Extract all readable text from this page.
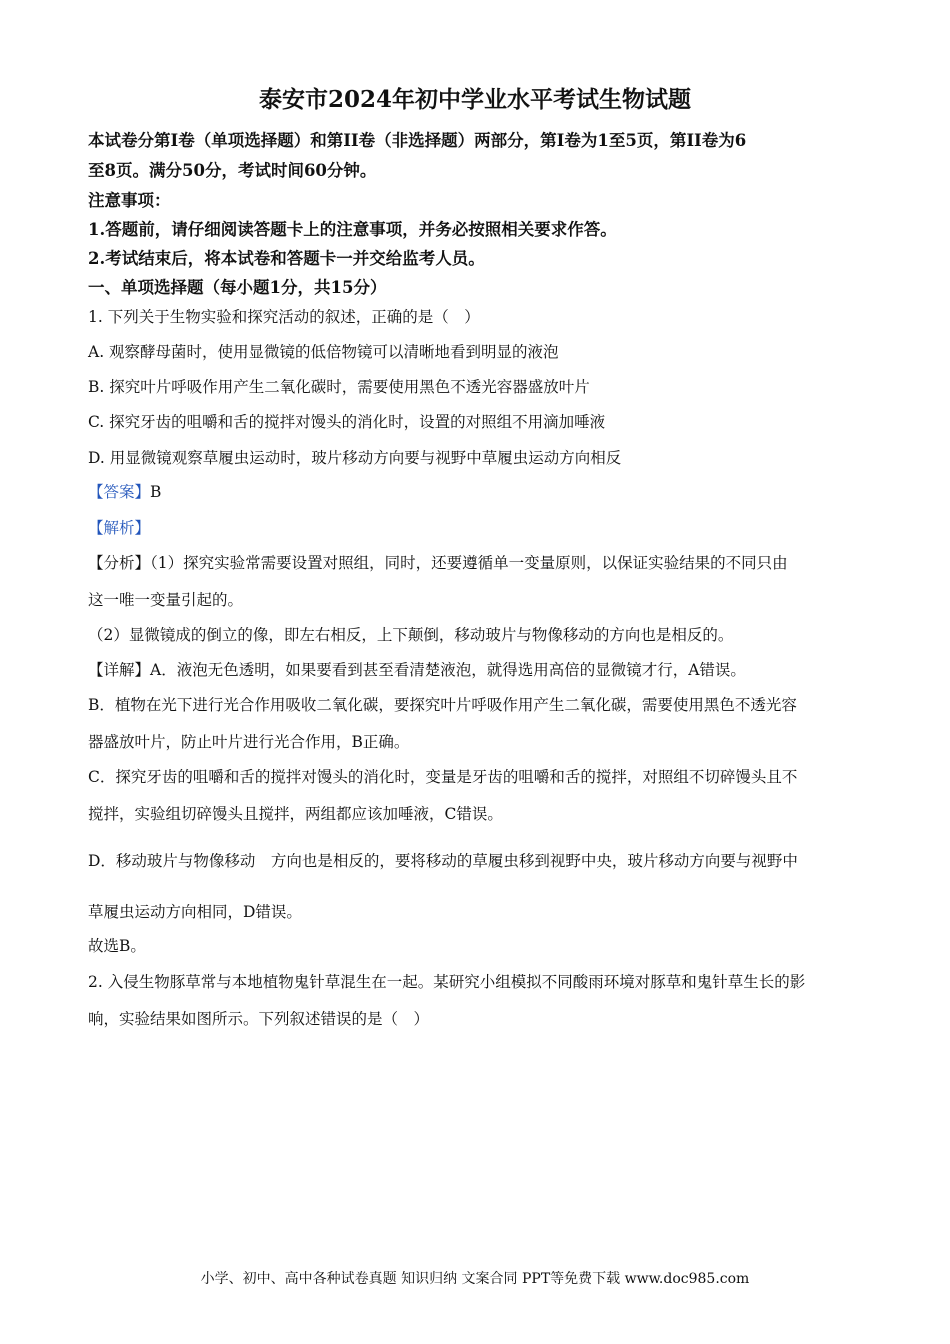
泰安市2024年初中学业水平考试生物试题
本试卷分第I卷（单项选择题）和第II卷（非选择题）两部分，第I卷为1至5页，第II卷为6
至8页。满分50分，考试时间60分钟。
注意事项：
1.答题前，请仔细阅读答题卡上的注意事项，并务必按照相关要求作答。
2.考试结束后，将本试卷和答题卡一并交给监考人员。
一、单项选择题（每小题1分，共15分）
1. 下列关于生物实验和探究活动的叙述，正确的是（　）
A. 观察酵母菌时，使用显微镜的低倍物镜可以清晰地看到明显的液泡
B. 探究叶片呼吸作用产生二氧化碳时，需要使用黑色不透光容器盛放叶片
C. 探究牙齿的咀嚼和舌的搅拌对馒头的消化时，设置的对照组不用滴加唾液
D. 用显微镜观察草履虫运动时，玻片移动方向要与视野中草履虫运动方向相反
【答案】B
【解析】
【分析】（1）探究实验常需要设置对照组，同时，还要遵循单一变量原则，以保证实验结果的不同只由
这一唯一变量引起的。
（2）显微镜成的倒立的像，即左右相反，上下颠倒，移动玻片与物像移动的方向也是相反的。
【详解】A．液泡无色透明，如果要看到甚至看清楚液泡，就得选用高倍的显微镜才行，A错误。
B．植物在光下进行光合作用吸收二氧化碳，要探究叶片呼吸作用产生二氧化碳，需要使用黑色不透光容
器盛放叶片，防止叶片进行光合作用，B正确。
C．探究牙齿的咀嚼和舌的搅拌对馒头的消化时，变量是牙齿的咀嚼和舌的搅拌，对照组不切碎馒头且不
搅拌，实验组切碎馒头且搅拌，两组都应该加唾液，C错误。
D．移动玻片与物像移动　方向也是相反的，要将移动的草履虫移到视野中央，玻片移动方向要与视野中
草履虫运动方向相同，D错误。
故选B。
2. 入侵生物豚草常与本地植物鬼针草混生在一起。某研究小组模拟不同酸雨环境对豚草和鬼针草生长的影
响，实验结果如图所示。下列叙述错误的是（　）
小学、初中、高中各种试卷真题 知识归纳 文案合同 PPT等免费下载 www.doc985.com
